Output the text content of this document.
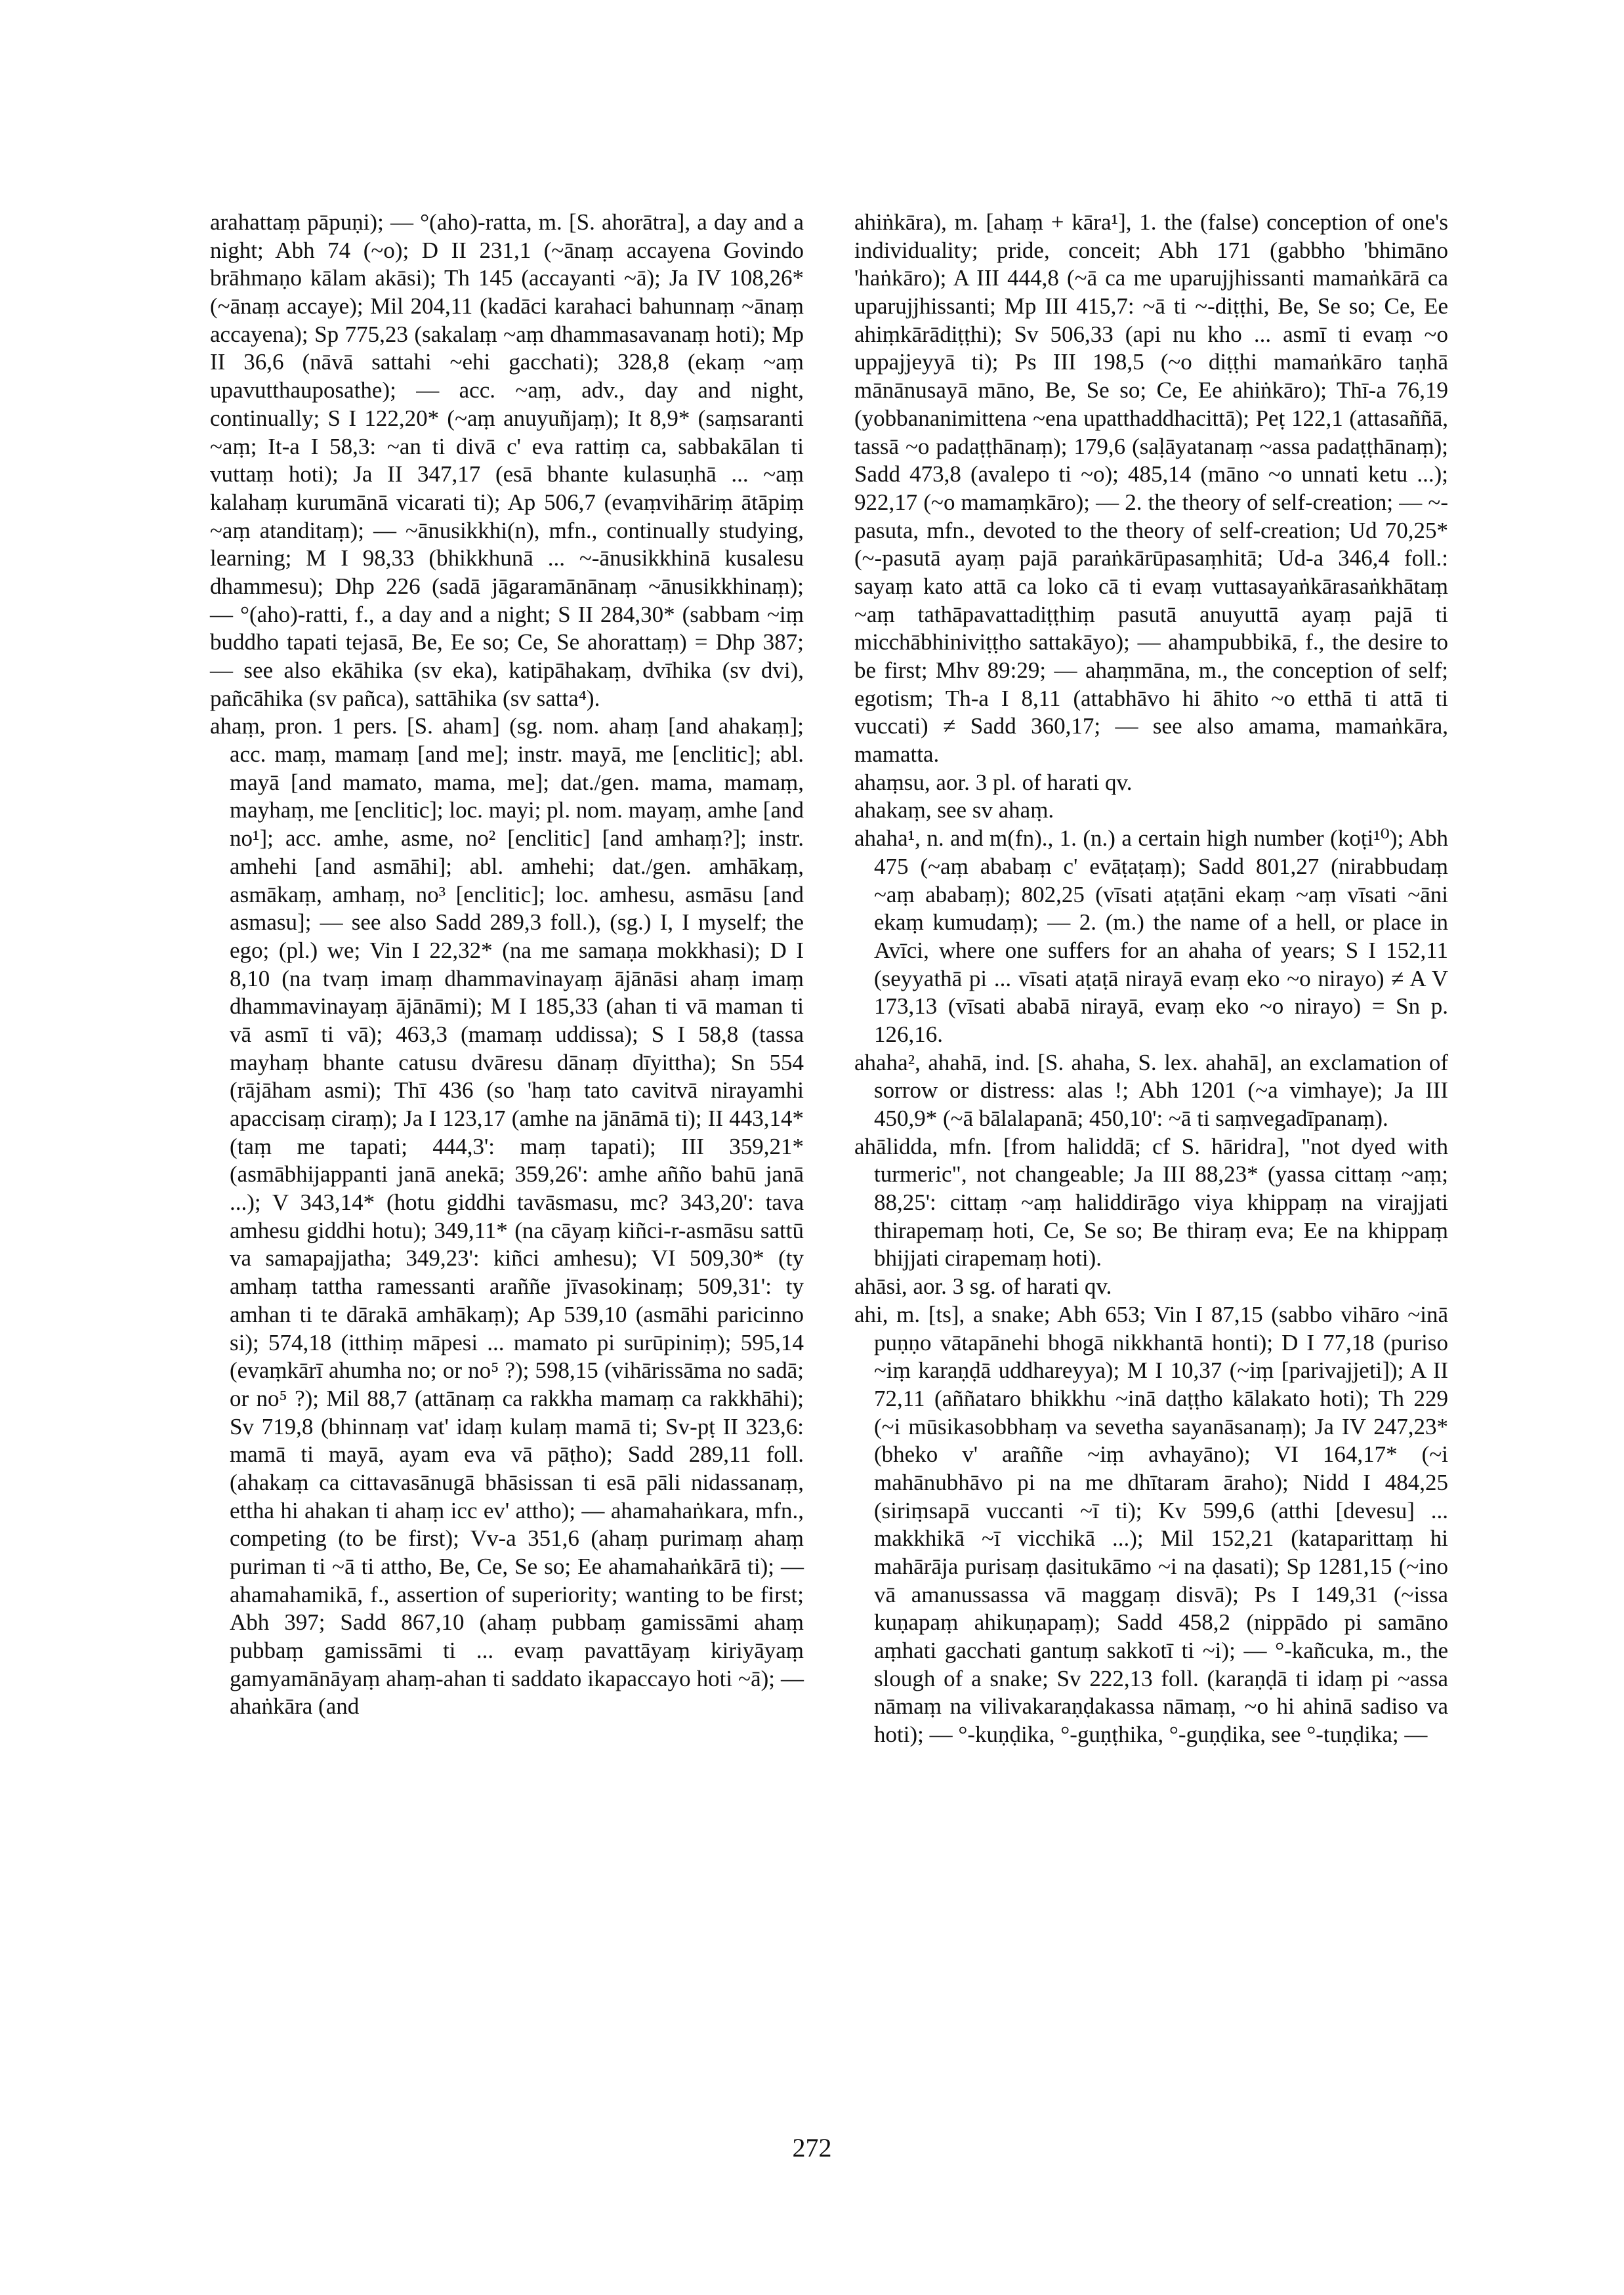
arahattaṃ pāpuṇi); — °(aho)-ratta, m. [S. ahorātra], a day and a night; Abh 74 (~o); D II 231,1 (~ānaṃ accayena Govindo brāhmaṇo kālam akāsi); Th 145 (accayanti ~ā); Ja IV 108,26* (~ānaṃ accaye); Mil 204,11 (kadāci karahaci bahunnaṃ ~ānaṃ accayena); Sp 775,23 (sakalaṃ ~aṃ dhammasavanaṃ hoti); Mp II 36,6 (nāvā sattahi ~ehi gacchati); 328,8 (ekaṃ ~aṃ upavutthauposathe); — acc. ~aṃ, adv., day and night, continually; S I 122,20* (~aṃ anuyuñjaṃ); It 8,9* (saṃsaranti ~aṃ; It-a I 58,3: ~an ti divā c' eva rattiṃ ca, sabbakālan ti vuttaṃ hoti); Ja II 347,17 (esā bhante kulasuṇhā ... ~aṃ kalahaṃ kurumānā vicarati ti); Ap 506,7 (evaṃvihāriṃ ātāpiṃ ~aṃ atanditaṃ); — ~ānusikkhi(n), mfn., continually studying, learning; M I 98,33 (bhikkhunā ... ~-ānusikkhinā kusalesu dhammesu); Dhp 226 (sadā jāgaramānānaṃ ~ānusikkhinaṃ); — °(aho)-ratti, f., a day and a night; S II 284,30* (sabbam ~iṃ buddho tapati tejasā, Be, Ee so; Ce, Se ahorattaṃ) = Dhp 387; — see also ekāhika (sv eka), katipāhakaṃ, dvīhika (sv dvi), pañcāhika (sv pañca), sattāhika (sv satta⁴).

ahaṃ, pron. 1 pers. [S. aham] (sg. nom. ahaṃ [and ahakaṃ]; acc. maṃ, mamaṃ [and me]; instr. mayā, me [enclitic]; abl. mayā [and mamato, mama, me]; dat./gen. mama, mamaṃ, mayhaṃ, me [enclitic]; loc. mayi; pl. nom. mayaṃ, amhe [and no¹]; acc. amhe, asme, no² [enclitic] [and amhaṃ?]; instr. amhehi [and asmāhi]; abl. amhehi; dat./gen. amhākaṃ, asmākaṃ, amhaṃ, no³ [enclitic]; loc. amhesu, asmāsu [and asmasu]; — see also Sadd 289,3 foll.), (sg.) I, I myself; the ego; (pl.) we; Vin I 22,32* (na me samaṇa mokkhasi); D I 8,10 (na tvaṃ imaṃ dhammavinayaṃ ājānāsi ahaṃ imaṃ dhammavinayaṃ ājānāmi); M I 185,33 (ahan ti vā maman ti vā asmī ti vā); 463,3 (mamaṃ uddissa); S I 58,8 (tassa mayhaṃ bhante catusu dvāresu dānaṃ dīyittha); Sn 554 (rājāham asmi); Thī 436 (so 'haṃ tato cavitvā nirayamhi apaccisaṃ ciraṃ); Ja I 123,17 (amhe na jānāmā ti); II 443,14* (taṃ me tapati; 444,3': maṃ tapati); III 359,21* (asmābhijappanti janā anekā; 359,26': amhe añño bahū janā ...); V 343,14* (hotu giddhi tavāsmasu, mc? 343,20': tava amhesu giddhi hotu); 349,11* (na cāyaṃ kiñci-r-asmāsu sattū va samapajjatha; 349,23': kiñci amhesu); VI 509,30* (ty amhaṃ tattha ramessanti araññe jīvasokinaṃ; 509,31': ty amhan ti te dārakā amhākaṃ); Ap 539,10 (asmāhi paricinno si); 574,18 (itthiṃ māpesi ... mamato pi surūpiniṃ); 595,14 (evaṃkārī ahumha no; or no⁵ ?); 598,15 (vihārissāma no sadā; or no⁵ ?); Mil 88,7 (attānaṃ ca rakkha mamaṃ ca rakkhāhi); Sv 719,8 (bhinnaṃ vat' idaṃ kulaṃ mamā ti; Sv-pṭ II 323,6: mamā ti mayā, ayam eva vā pāṭho); Sadd 289,11 foll. (ahakaṃ ca cittavasānugā bhāsissan ti esā pāli nidassanaṃ, ettha hi ahakan ti ahaṃ icc ev' attho); — ahamahaṅkara, mfn., competing (to be first); Vv-a 351,6 (ahaṃ purimaṃ ahaṃ puriman ti ~ā ti attho, Be, Ce, Se so; Ee ahamahaṅkārā ti); — ahamahamikā, f., assertion of superiority; wanting to be first; Abh 397; Sadd 867,10 (ahaṃ pubbaṃ gamissāmi ahaṃ pubbaṃ gamissāmi ti ... evaṃ pavattāyaṃ kiriyāyaṃ gamyamānāyaṃ ahaṃ-ahan ti saddato ikapaccayo hoti ~ā); — ahaṅkāra (and

ahiṅkāra), m. [ahaṃ + kāra¹], 1. the (false) conception of one's individuality; pride, conceit; Abh 171 (gabbho 'bhimāno 'haṅkāro); A III 444,8 (~ā ca me uparujjhissanti mamaṅkārā ca uparujjhissanti; Mp III 415,7: ~ā ti ~-diṭṭhi, Be, Se so; Ce, Ee ahiṃkārādiṭṭhi); Sv 506,33 (api nu kho ... asmī ti evaṃ ~o uppajjeyyā ti); Ps III 198,5 (~o diṭṭhi mamaṅkāro taṇhā mānānusayā māno, Be, Se so; Ce, Ee ahiṅkāro); Thī-a 76,19 (yobbananimittena ~ena upatthaddhacittā); Peṭ 122,1 (attasaññā, tassā ~o padaṭṭhānaṃ); 179,6 (saḷāyatanaṃ ~assa padaṭṭhānaṃ); Sadd 473,8 (avalepo ti ~o); 485,14 (māno ~o unnati ketu ...); 922,17 (~o mamaṃkāro); — 2. the theory of self-creation; — ~-pasuta, mfn., devoted to the theory of self-creation; Ud 70,25* (~-pasutā ayaṃ pajā paraṅkārūpasaṃhitā; Ud-a 346,4 foll.: sayaṃ kato attā ca loko cā ti evaṃ vuttasayaṅkārasaṅkhātaṃ ~aṃ tathāpavattadiṭṭhiṃ pasutā anuyuttā ayaṃ pajā ti micchābhiniviṭṭho sattakāyo); — ahampubbikā, f., the desire to be first; Mhv 89:29; — ahaṃmāna, m., the conception of self; egotism; Th-a I 8,11 (attabhāvo hi āhito ~o etthā ti attā ti vuccati) ≠ Sadd 360,17; — see also amama, mamaṅkāra, mamatta.

ahaṃsu, aor. 3 pl. of harati qv.

ahakaṃ, see sv ahaṃ.

ahaha¹, n. and m(fn)., 1. (n.) a certain high number (koṭi¹⁰); Abh 475 (~aṃ ababaṃ c' evāṭaṭaṃ); Sadd 801,27 (nirabbudaṃ ~aṃ ababaṃ); 802,25 (vīsati aṭaṭāni ekaṃ ~aṃ vīsati ~āni ekaṃ kumudaṃ); — 2. (m.) the name of a hell, or place in Avīci, where one suffers for an ahaha of years; S I 152,11 (seyyathā pi ... vīsati aṭaṭā nirayā evaṃ eko ~o nirayo) ≠ A V 173,13 (vīsati ababā nirayā, evaṃ eko ~o nirayo) = Sn p. 126,16.

ahaha², ahahā, ind. [S. ahaha, S. lex. ahahā], an exclamation of sorrow or distress: alas !; Abh 1201 (~a vimhaye); Ja III 450,9* (~ā bālalapanā; 450,10': ~ā ti saṃvegadīpanaṃ).

ahālidda, mfn. [from haliddā; cf S. hāridra], "not dyed with turmeric", not changeable; Ja III 88,23* (yassa cittaṃ ~aṃ; 88,25': cittaṃ ~aṃ haliddirāgo viya khippaṃ na virajjati thirapemaṃ hoti, Ce, Se so; Be thiraṃ eva; Ee na khippaṃ bhijjati cirapemaṃ hoti).

ahāsi, aor. 3 sg. of harati qv.

ahi, m. [ts], a snake; Abh 653; Vin I 87,15 (sabbo vihāro ~inā puṇṇo vātapānehi bhogā nikkhantā honti); D I 77,18 (puriso ~iṃ karaṇḍā uddhareyya); M I 10,37 (~iṃ [parivajjeti]); A II 72,11 (aññataro bhikkhu ~inā daṭṭho kālakato hoti); Th 229 (~i mūsikasobbhaṃ va sevetha sayanāsanaṃ); Ja IV 247,23* (bheko v' araññe ~iṃ avhayāno); VI 164,17* (~i mahānubhāvo pi na me dhītaram āraho); Nidd I 484,25 (siriṃsapā vuccanti ~ī ti); Kv 599,6 (atthi [devesu] ... makkhikā ~ī vicchikā ...); Mil 152,21 (kataparittaṃ hi mahārāja purisaṃ ḍasitukāmo ~i na ḍasati); Sp 1281,15 (~ino vā amanussassa vā maggaṃ disvā); Ps I 149,31 (~issa kuṇapaṃ ahikuṇapaṃ); Sadd 458,2 (nippādo pi samāno aṃhati gacchati gantuṃ sakkotī ti ~i); — °-kañcuka, m., the slough of a snake; Sv 222,13 foll. (karaṇḍā ti idaṃ pi ~assa nāmaṃ na vilivakaraṇḍakassa nāmaṃ, ~o hi ahinā sadiso va hoti); — °-kuṇḍika, °-guṇṭhika, °-guṇḍika, see °-tuṇḍika; —

272
